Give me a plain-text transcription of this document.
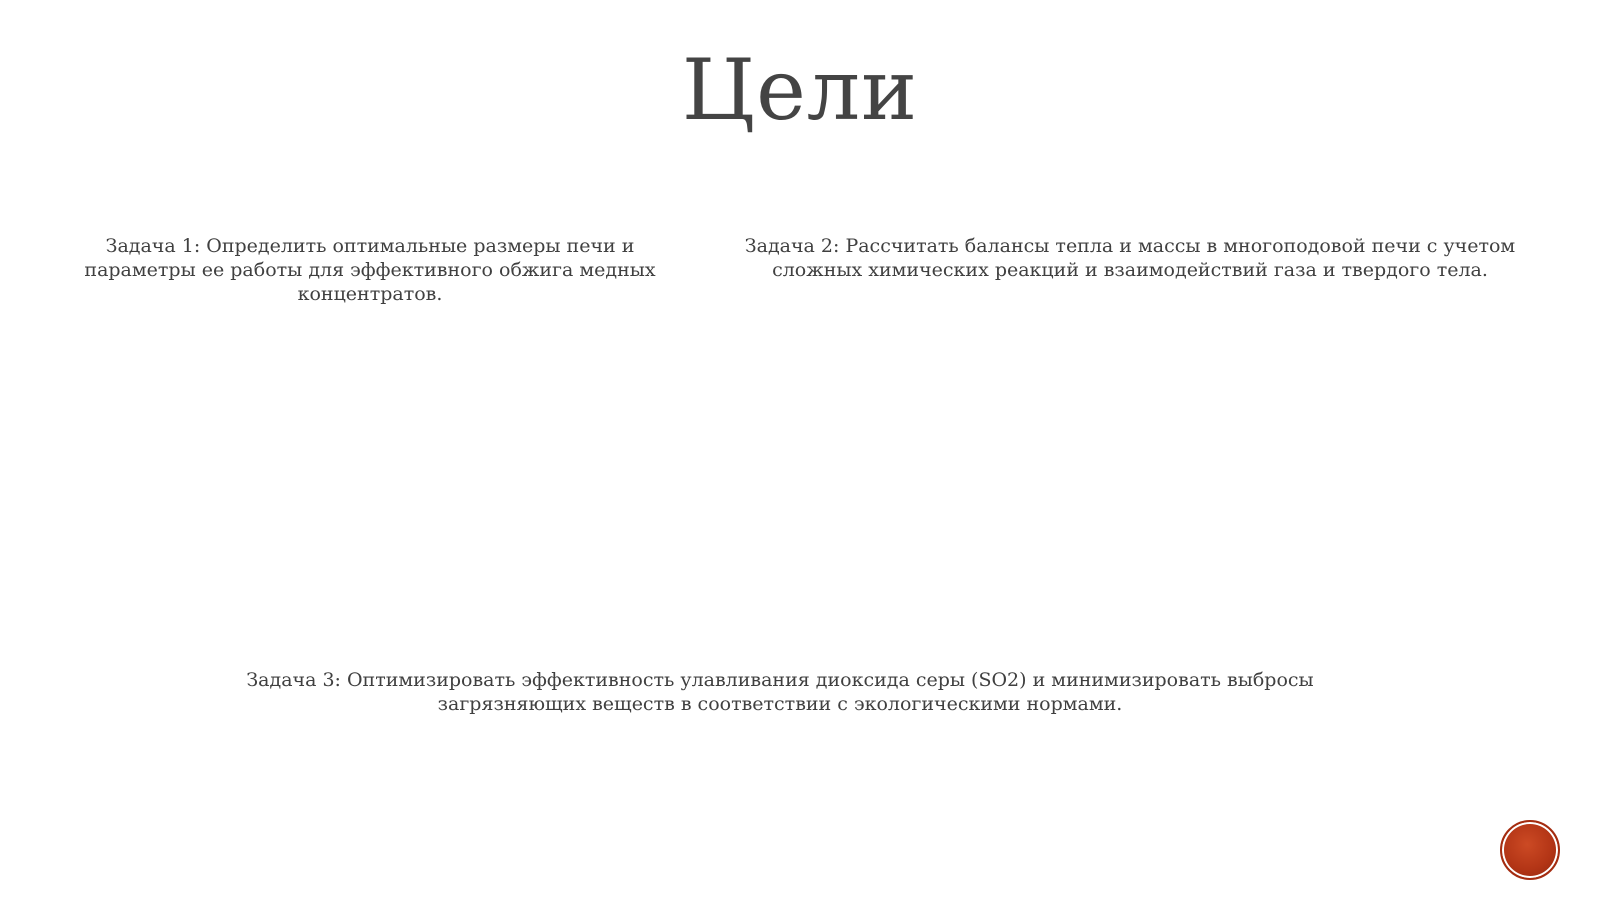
Цели
Задача 1: Определить оптимальные размеры печи и параметры ее работы для эффективного обжига медных концентратов.
Задача 2: Рассчитать балансы тепла и массы в многоподовой печи с учетом сложных химических реакций и взаимодействий газа и твердого тела.
Задача 3: Оптимизировать эффективность улавливания диоксида серы (SO2) и минимизировать выбросы загрязняющих веществ в соответствии с экологическими нормами.
